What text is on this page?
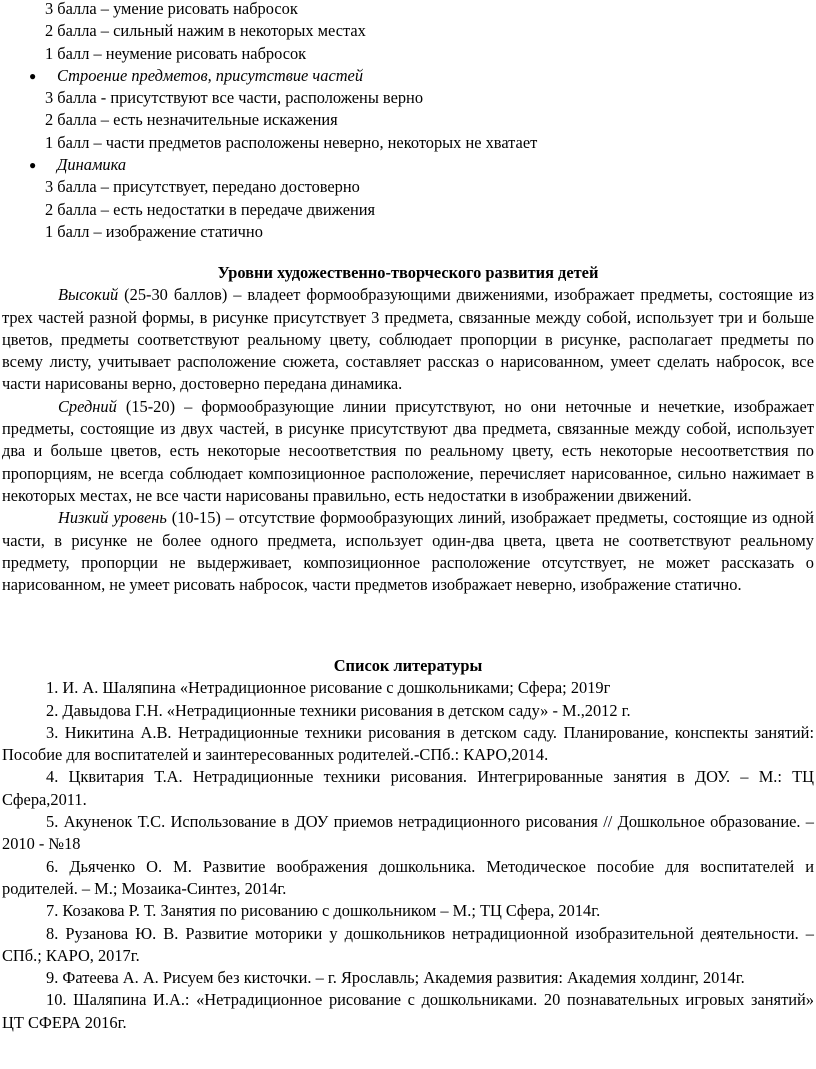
3 балла – умение рисовать набросок
2 балла – сильный нажим в некоторых местах
1 балл – неумение рисовать набросок
● Строение предметов, присутствие частей
3 балла - присутствуют все части, расположены верно
2 балла – есть незначительные искажения
1 балл – части предметов расположены неверно, некоторых не хватает
● Динамика
3 балла – присутствует, передано достоверно
2 балла – есть недостатки в передаче движения
1 балл – изображение статично
Уровни художественно-творческого развития детей

Высокий (25-30 баллов) – владеет формообразующими движениями, изображает предметы, состоящие из трех частей разной формы, в рисунке присутствует 3 предмета, связанные между собой, использует три и больше цветов, предметы соответствуют реальному цвету, соблюдает пропорции в рисунке, располагает предметы по всему листу, учитывает расположение сюжета, составляет рассказ о нарисованном, умеет сделать набросок, все части нарисованы верно, достоверно передана динамика.

Средний (15-20) – формообразующие линии присутствуют, но они неточные и нечеткие, изображает предметы, состоящие из двух частей, в рисунке присутствуют два предмета, связанные между собой, использует два и больше цветов, есть некоторые несоответствия по реальному цвету, есть некоторые несоответствия по пропорциям, не всегда соблюдает композиционное расположение, перечисляет нарисованное, сильно нажимает в некоторых местах, не все части нарисованы правильно, есть недостатки в изображении движений.

Низкий уровень (10-15) – отсутствие формообразующих линий, изображает предметы, состоящие из одной части, в рисунке не более одного предмета, использует один-два цвета, цвета не соответствуют реальному предмету, пропорции не выдерживает, композиционное расположение отсутствует, не может рассказать о нарисованном, не умеет рисовать набросок, части предметов изображает неверно, изображение статично.

Список литературы

1. И. А. Шаляпина «Нетрадиционное рисование с дошкольниками; Сфера; 2019г

2. Давыдова Г.Н. «Нетрадиционные техники рисования в детском саду» - М.,2012 г.

3. Никитина А.В. Нетрадиционные техники рисования в детском саду. Планирование, конспекты занятий: Пособие для воспитателей и заинтересованных родителей.-СПб.: КАРО,2014.

4. Цквитария Т.А. Нетрадиционные техники рисования. Интегрированные занятия в ДОУ. – М.: ТЦ Сфера,2011.

5. Акуненок Т.С. Использование в ДОУ приемов нетрадиционного рисования // Дошкольное образование. – 2010 - №18

6. Дьяченко О. М. Развитие воображения дошкольника. Методическое пособие для воспитателей и родителей. – М.; Мозаика-Синтез, 2014г.

7. Козакова Р. Т. Занятия по рисованию с дошкольником – М.; ТЦ Сфера, 2014г.

8. Рузанова Ю. В. Развитие моторики у дошкольников нетрадиционной изобразительной деятельности. – СПб.; КАРО, 2017г.

9. Фатеева А. А. Рисуем без кисточки. – г. Ярославль; Академия развития: Академия холдинг, 2014г.

10. Шаляпина И.А.: «Нетрадиционное рисование с дошкольниками. 20 познавательных игровых занятий» ЦТ СФЕРА 2016г.
